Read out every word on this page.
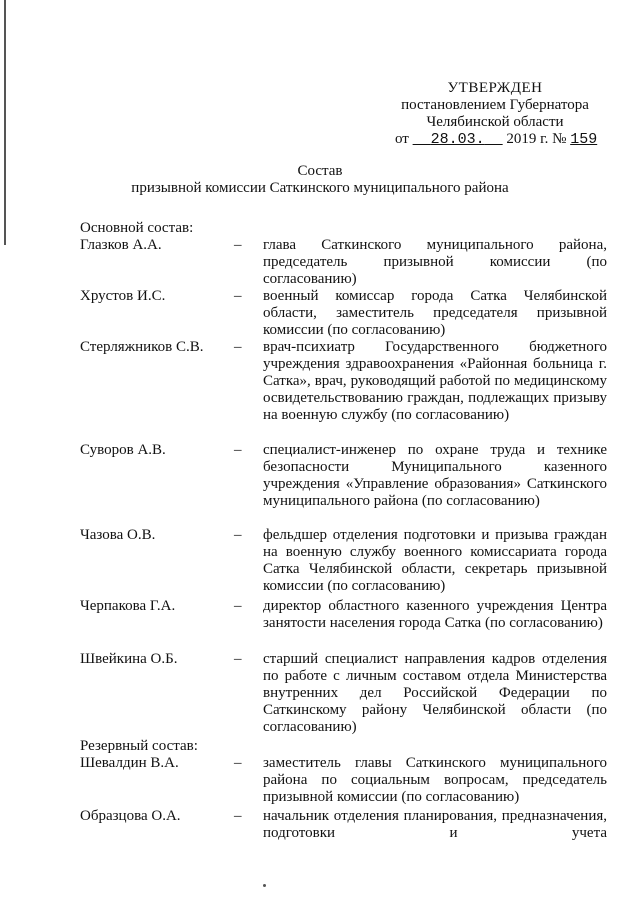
УТВЕРЖДЕН
постановлением Губернатора
Челябинской области
от 28.03. 2019 г. № 159
Состав
призывной комиссии Саткинского муниципального района
Основной состав:
Глазков А.А.	– глава Саткинского муниципального района, председатель призывной комиссии (по согласованию)
Хрустов И.С.	– военный комиссар города Сатка Челябинской области, заместитель председателя призывной комиссии (по согласованию)
Стерляжников С.В. – врач-психиатр Государственного бюджетного учреждения здравоохранения «Районная больница г. Сатка», врач, руководящий работой по медицинскому освидетельствованию граждан, подлежащих призыву на военную службу (по согласованию)
Суворов А.В.	– специалист-инженер по охране труда и технике безопасности Муниципального казенного учреждения «Управление образования» Саткинского муниципального района (по согласованию)
Чазова О.В.	– фельдшер отделения подготовки и призыва граждан на военную службу военного комиссариата города Сатка Челябинской области, секретарь призывной комиссии (по согласованию)
Черпакова Г.А.	– директор областного казенного учреждения Центра занятости населения города Сатка (по согласованию)
Швейкина О.Б.	– старший специалист направления кадров отделения по работе с личным составом отдела Министерства внутренних дел Российской Федерации по Саткинскому району Челябинской области (по согласованию)
Резервный состав:
Шевалдин В.А.	– заместитель главы Саткинского муниципального района по социальным вопросам, председатель призывной комиссии (по согласованию)
Образцова О.А.	– начальник отделения планирования, предназначения, подготовки и учета
